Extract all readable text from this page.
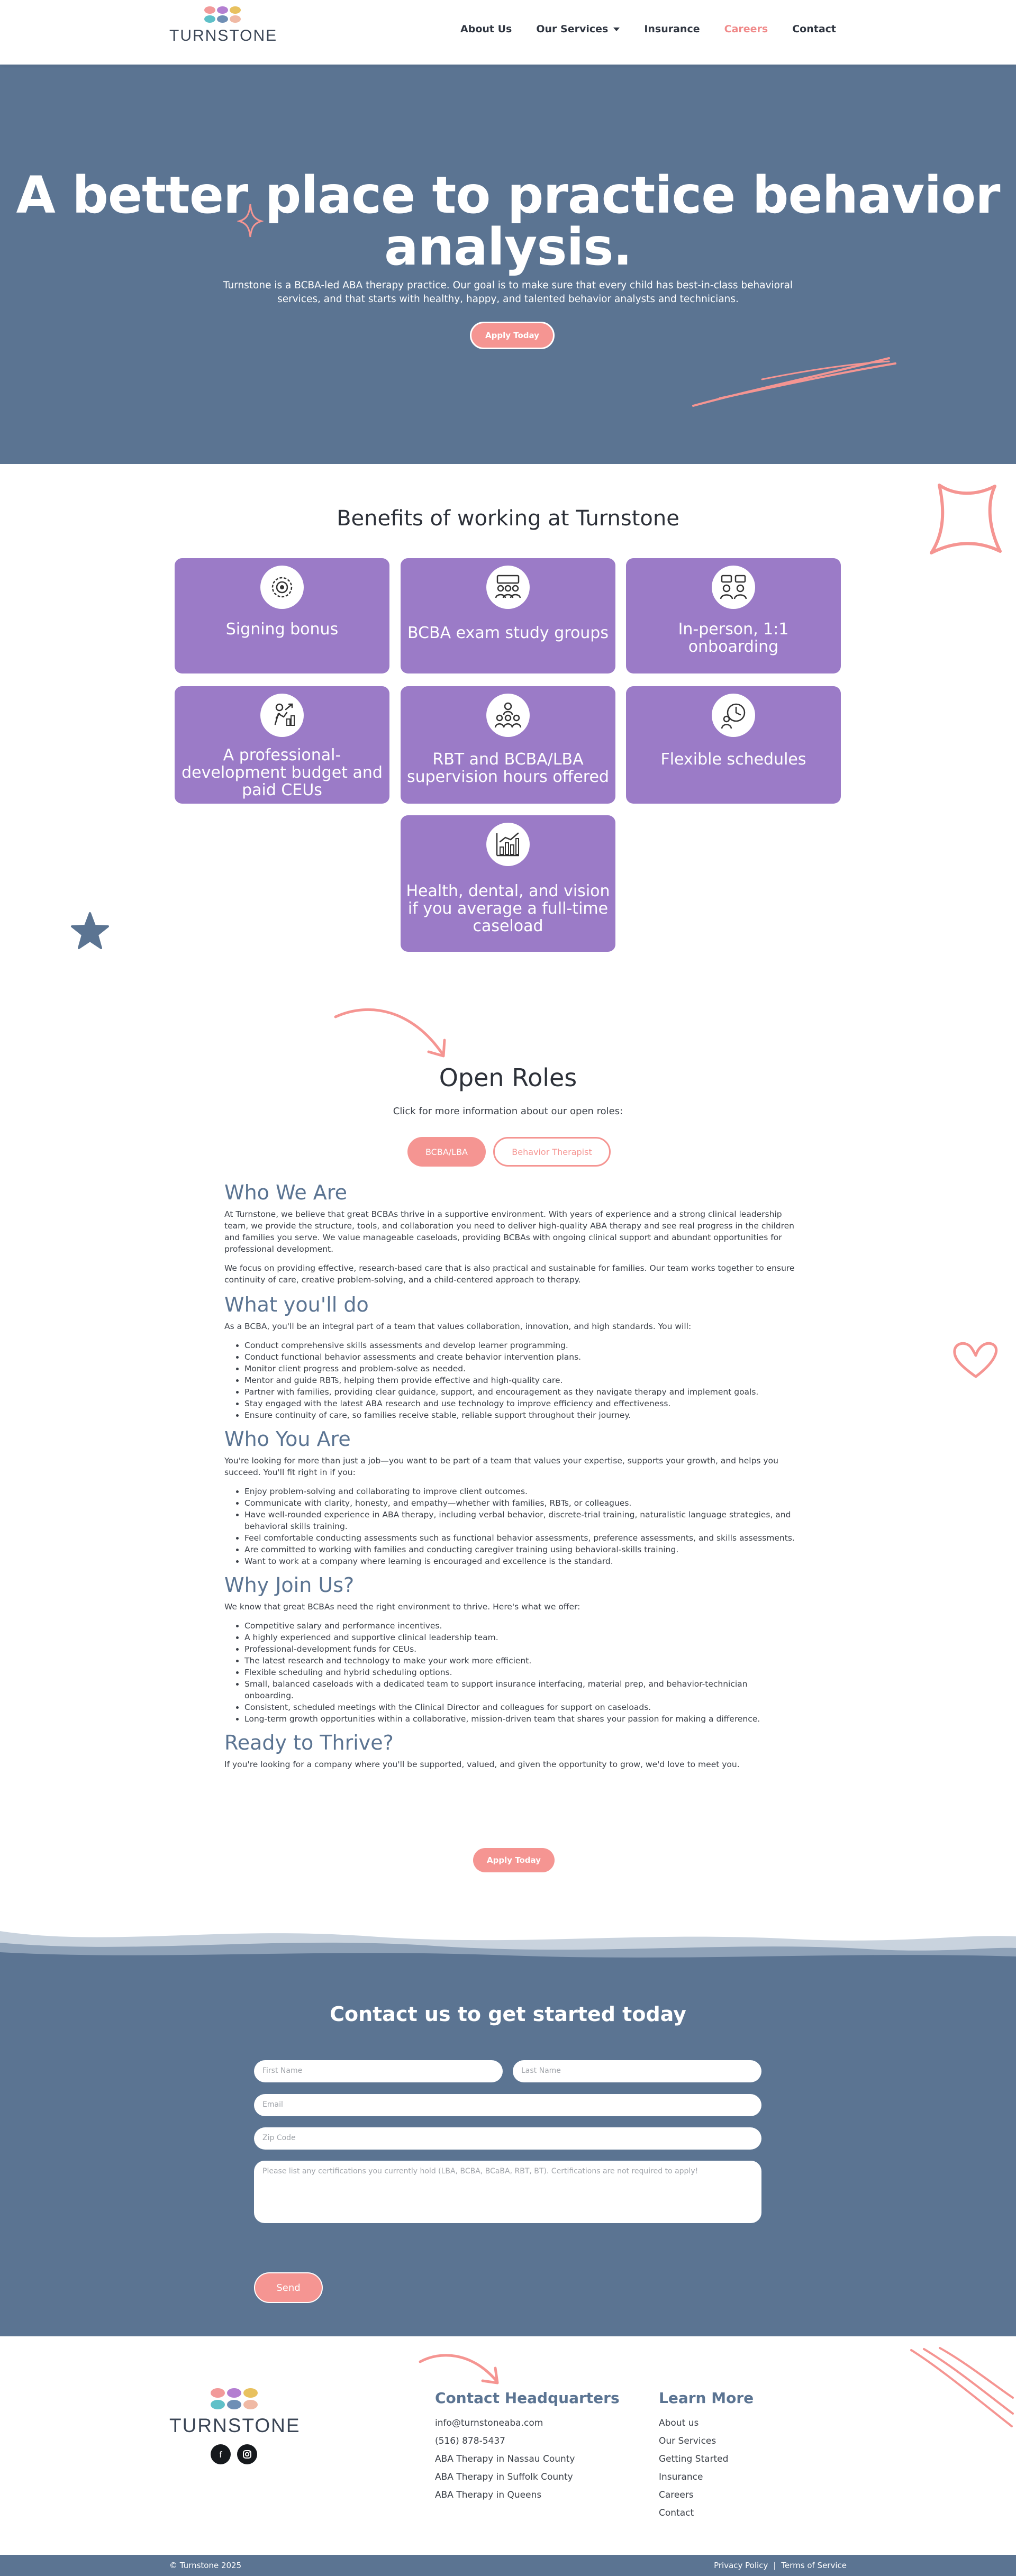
TURNSTONE	About Us Our Services	Insurance Careers Contact
A better place to practice behavior analysis.

Turnstone is a BCBA-led ABA therapy practice. Our goal is to make sure that every child has best-in-class behavioral services, and that starts with healthy, happy, and talented behavior analysts and technicians.

Apply Today
Benefits of working at Turnstone
Signing bonus	BCBA exam study groups	In-person, 1:1 onboarding
A professional-development budget and paid CEUs
RBT and BCBA/LBA supervision hours offered
Flexible schedules
Health, dental, and vision if you average a full-time caseload
Open Roles
Click for more information about our open roles:
BCBA/LBA	Behavior Therapist
Who We Are

At Turnstone, we believe that great BCBAs thrive in a supportive environment. With years of experience and a strong clinical leadership team, we provide the structure, tools, and collaboration you need to deliver high-quality ABA therapy and see real progress in the children and families you serve. We value manageable caseloads, providing BCBAs with ongoing clinical support and abundant opportunities for professional development.

We focus on providing effective, research-based care that is also practical and sustainable for families. Our team works together to ensure continuity of care, creative problem-solving, and a child-centered approach to therapy.

What you'll do

As a BCBA, you'll be an integral part of a team that values collaboration, innovation, and high standards. You will:

• Conduct comprehensive skills assessments and develop learner programming.
• Conduct functional behavior assessments and create behavior intervention plans.
• Monitor client progress and problem-solve as needed.
• Mentor and guide RBTs, helping them provide effective and high-quality care.
• Partner with families, providing clear guidance, support, and encouragement as they navigate therapy and implement goals.
• Stay engaged with the latest ABA research and use technology to improve efficiency and effectiveness.
• Ensure continuity of care, so families receive stable, reliable support throughout their journey.
Who You Are

You're looking for more than just a job—you want to be part of a team that values your expertise, supports your growth, and helps you succeed. You'll fit right in if you:

• Enjoy problem-solving and collaborating to improve client outcomes.
• Communicate with clarity, honesty, and empathy—whether with families, RBTs, or colleagues.
• Have well-rounded experience in ABA therapy, including verbal behavior, discrete-trial training, naturalistic language strategies, and behavioral skills training.
• Feel comfortable conducting assessments such as functional behavior assessments, preference assessments, and skills assessments.
• Are committed to working with families and conducting caregiver training using behavioral-skills training.
• Want to work at a company where learning is encouraged and excellence is the standard.
Why Join Us?

We know that great BCBAs need the right environment to thrive. Here's what we offer:

• Competitive salary and performance incentives.
• A highly experienced and supportive clinical leadership team.
• Professional-development funds for CEUs.
• The latest research and technology to make your work more efficient.
• Flexible scheduling and hybrid scheduling options.
• Small, balanced caseloads with a dedicated team to support insurance interfacing, material prep, and behavior-technician onboarding.
• Consistent, scheduled meetings with the Clinical Director and colleagues for support on caseloads.
• Long-term growth opportunities within a collaborative, mission-driven team that shares your passion for making a difference.
Ready to Thrive?

If you're looking for a company where you'll be supported, valued, and given the opportunity to grow, we'd love to meet you.

Apply Today
Contact us to get started today
First Name	Last Name
Email
Zip Code
Please list any certifications you currently hold (LBA, BCBA, BCaBA, RBT, BT). Certifications are not required to apply!
Send
TURNSTONE
f
Contact Headquarters
info@turnstoneaba.com
(516) 878-5437
ABA Therapy in Nassau County
ABA Therapy in Suffolk County
ABA Therapy in Queens
Learn More
About us
Our Services
Getting Started
Insurance
Careers
Contact
© Turnstone 2025	Privacy Policy | Terms of Service
